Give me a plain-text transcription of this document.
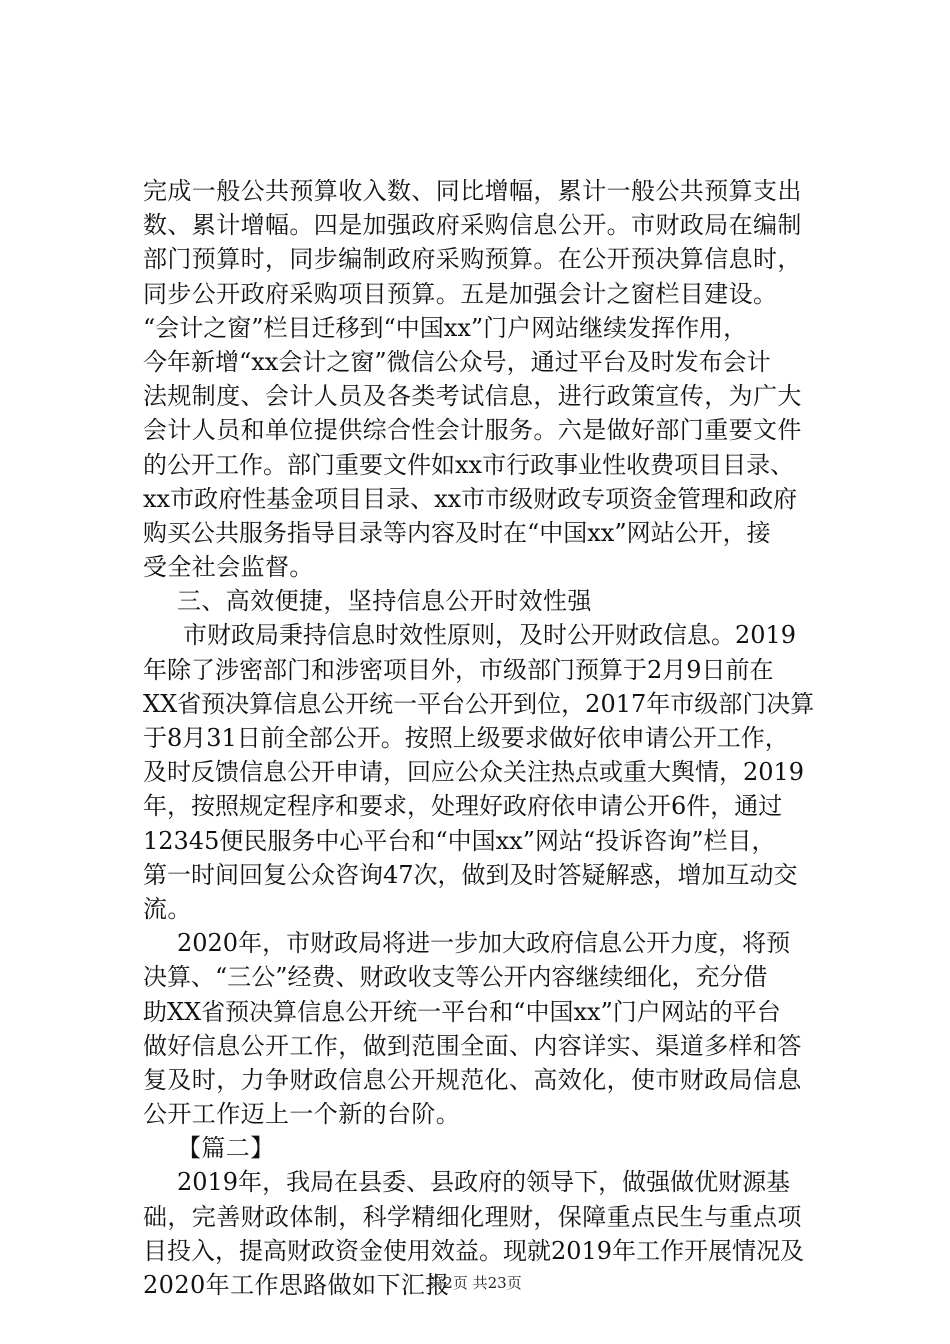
完成一般公共预算收入数、同比增幅，累计一般公共预算支出
数、累计增幅。四是加强政府采购信息公开。市财政局在编制
部门预算时，同步编制政府采购预算。在公开预决算信息时，
同步公开政府采购项目预算。五是加强会计之窗栏目建设。
“会计之窗”栏目迁移到“中国xx”门户网站继续发挥作用，
今年新增“xx会计之窗”微信公众号，通过平台及时发布会计
法规制度、会计人员及各类考试信息，进行政策宣传，为广大
会计人员和单位提供综合性会计服务。六是做好部门重要文件
的公开工作。部门重要文件如xx市行政事业性收费项目目录、
xx市政府性基金项目目录、xx市市级财政专项资金管理和政府
购买公共服务指导目录等内容及时在“中国xx”网站公开，接
受全社会监督。
三、高效便捷，坚持信息公开时效性强
市财政局秉持信息时效性原则，及时公开财政信息。2019
年除了涉密部门和涉密项目外，市级部门预算于2月9日前在
XX省预决算信息公开统一平台公开到位，2017年市级部门决算
于8月31日前全部公开。按照上级要求做好依申请公开工作，
及时反馈信息公开申请，回应公众关注热点或重大舆情，2019
年，按照规定程序和要求，处理好政府依申请公开6件，通过
12345便民服务中心平台和“中国xx”网站“投诉咨询”栏目，
第一时间回复公众咨询47次，做到及时答疑解惑，增加互动交
流。
2020年，市财政局将进一步加大政府信息公开力度，将预
决算、“三公”经费、财政收支等公开内容继续细化，充分借
助XX省预决算信息公开统一平台和“中国xx”门户网站的平台
做好信息公开工作，做到范围全面、内容详实、渠道多样和答
复及时，力争财政信息公开规范化、高效化，使市财政局信息
公开工作迈上一个新的台阶。
【篇二】
2019年，我局在县委、县政府的领导下，做强做优财源基
础，完善财政体制，科学精细化理财，保障重点民生与重点项
目投入，提高财政资金使用效益。现就2019年工作开展情况及
2020年工作思路做如下汇报
第2页 共23页
